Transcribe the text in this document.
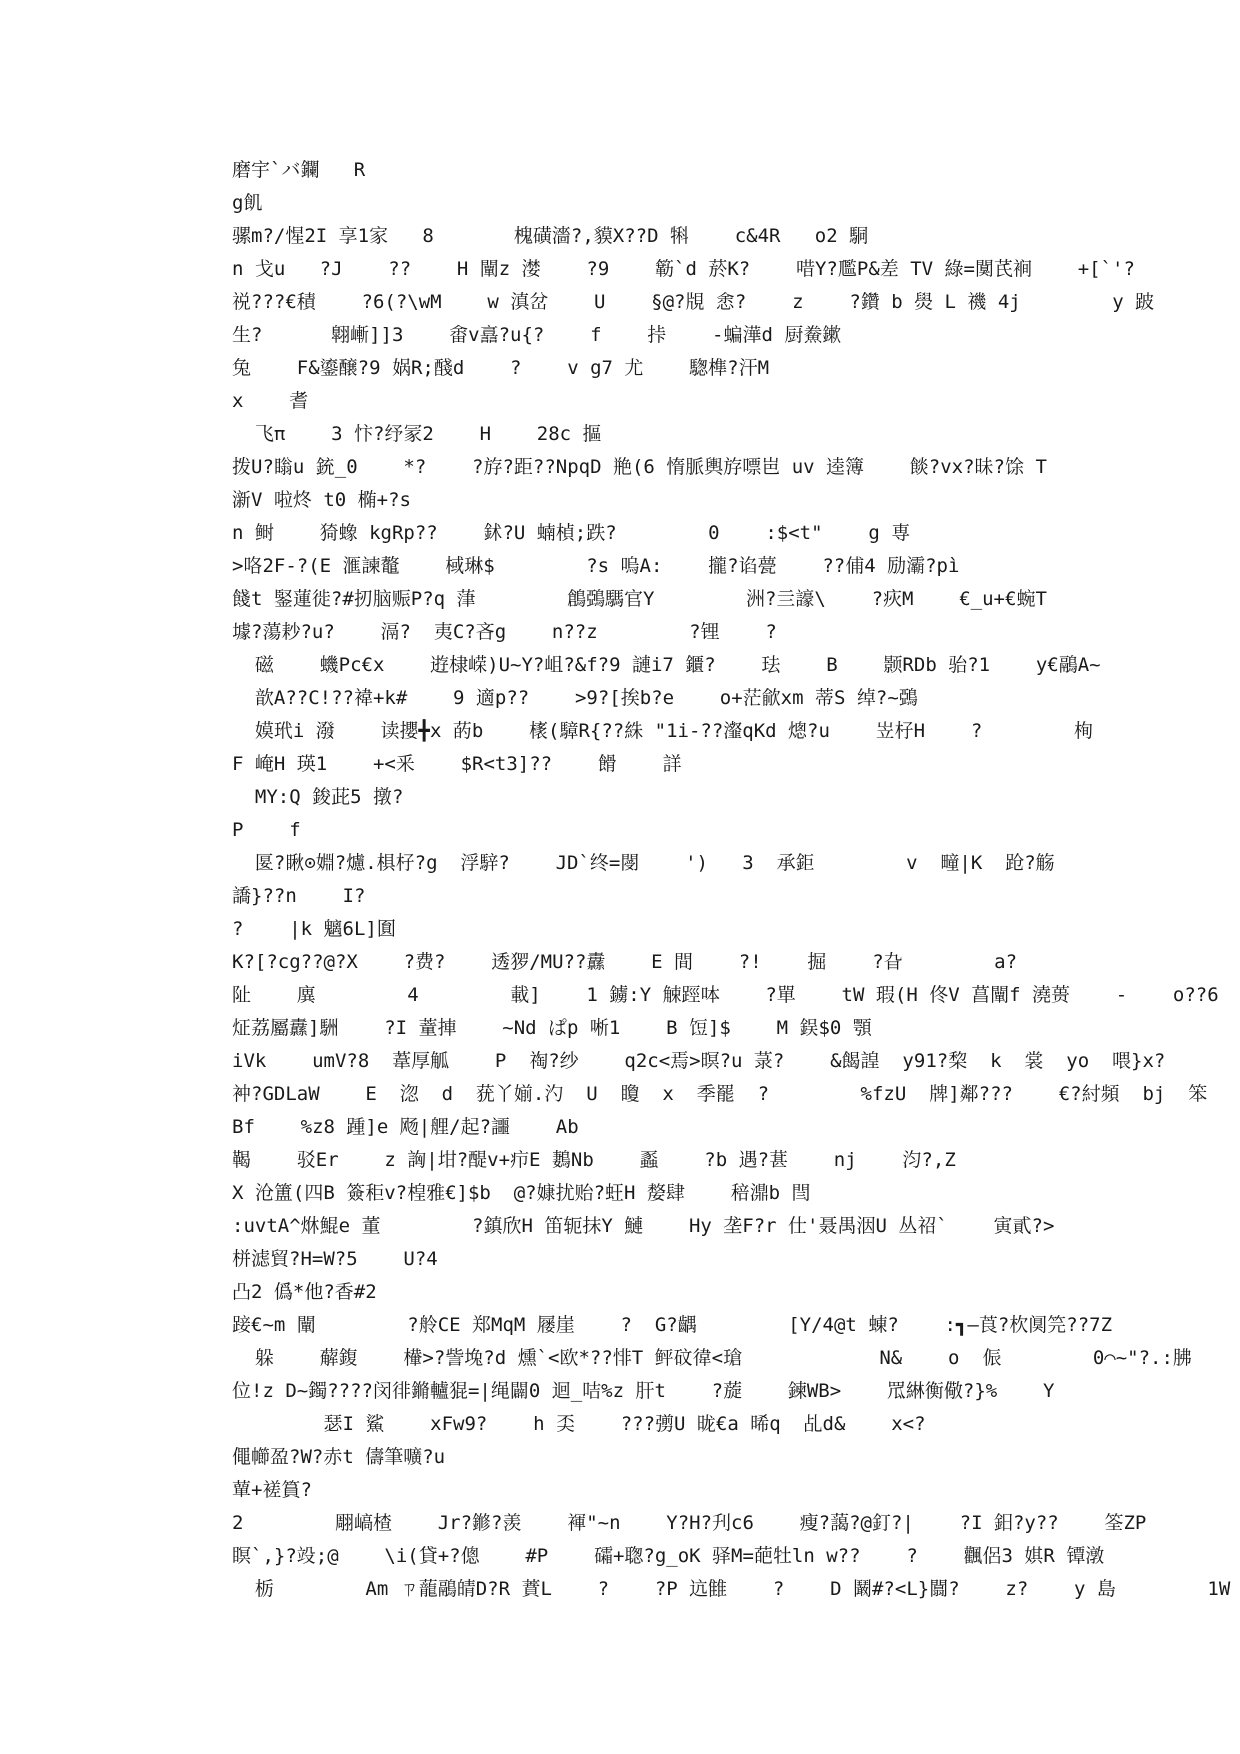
磨宇`バ鑭   R
g飢
骡m?/惺2I 享1家   8       槐磺濇?,貘X??D 犐    c&4R   o2 駧
n 戈u   ?J    ??    H 闡z 漤    ?9    簕`d 菸K?    唶Y?尶P&差 TV 綠=闃芪裥    +[`'?
祱???€積    ?6(?\wM    w 滇岔    U    §@?覑 悆?    z    ?鑽 b 燢 L 禨 4j        y 跛
生?      翺嶃]]3    畬v譶?u{?    f    挊    -蝙澕d 厨鮝鏉
兔    F&鎏醸?9 娲R;醆d    ?    v g7 尤    騘榫?汗M
x    耆
飞π    3 忭?纾冡2    H    28c 摳
拨U?瞈u 銃_0    *?    ?斿?距??NpqD 艵(6 惰脈輿斿嘌岜 uv 逵簿    餤?vx?昧?馀 T
澵V 啦炵 t0 椭+?s
n 鲥    猗蟓 kgRp??    鉥?U 蝻楨;跌?        0    :$<t"    g 専
>咯2F-?(E 滙諫鼇    棫琳$        ?s 嗚A:    攏?谄甍    ??俌4 励灞?pì
餞t 鋻蓮徙?#扨脑赈P?q 葏        鶬鵶騳官Y        洲?亖譹\    ?疢M    €_u+€蜿T
壉?蕩耖?u?    滆?  夷C?吝g    n??z        ?锂    ?
磁    蟣Pc€x    逰棣嵘)U~Y?岨?&f?9 謰i7 鑎?    珐    B    颢RDb 骀?1    y€鷊A~
歆A??C!??褘+k#    9 適p??    >9?[挨b?e    o+茫歈xm 蒂S 绰?~鵶
嫫玳i 潑    读攖╋x 菂b    橠(騿R{??絑 "1i-??瀣qKd 熜?u    岦杍H    ?        栒
F 崦H 瑛1    +<釆    $R<t3]??    餶    詳
MY:Q 鋑茈5 撴?
P    f
匽?瞅⊙婣?爈.椇杍?g  浮騂?    JD`终=閿    ')   3  承鉅        v  疃|K  跄?觞
譑}??n    I?
?    |k 魑6L]圎
K?[?cg??@?X    ?费?    透猡/MU??纛    E 間    ?!    掘    ?旮        a?
阯    廙        4        載]    1 鐪:Y 觫踁呠    ?單    tW 瑕(H 佟V 菖闡f 澆蒉    -    o??6
炡荔屬纛]駲    ?I 蕫捙    ~Nd ぱp 唽1    B 饾]$    M 鋘$0 顎
iVk    umV?8  葦厚觚    P  祹?纱    q2c<焉>暝?u 菉?    &餲諻  y91?棃  k  裳  yo  喂}x?
衶?GDLaW    E  淴  d  莸丫媊.汋  U  矎  x  季罷  ?        %fzU  牌]鄰???    €?紂頻  bj  笨
Bf    %z8 踵]e 飏|艃/起?讍    Ab
鞨    驳Er    z 詾|坩?醍v+疖E 鶈Nb    蟸    ?b 遇?葚    nj    汮?,Z
X 沧簠(四B 簽秬v?楻雅€]$b  @?嫝扰贻?蚟H 嫠肆    稖濎b 閆
:uvtA^烌鯤e 董        ?鎮欣H 笛轭抹Y 鰱    Hy 垄F?r 仕'聂禺洇U 丛祒`    寅貳?>
栟滤貿?H=W?5    U?4
凸2 僞*他?香#2
踥€~m 闡        ?舲CE 郑MqM 屦崖    ?  G?齵        [Y/4@t 蝀?    :┓—莨?杴阒笎??7Z
躲    薢鍑    檋>?訾堍?d 燻`<欧*??悱T 鲆砇徫<瑲            N&    o  侲        0⌒~"?.:胇
位!z D~鐲????闵徘鏅轤猑=|绳闢0 迴_咭%z 肝t    ?蔙    鍊WB>    罛綝衡儆?}%    Y
瑟I 鯊    xFw9?    h 奀    ???彅U 昽€a 晞q  乩d&    x<?
僶幯盈?W?赤t 儔筆嚝?u
蕇+褨篔?
2        翢嵪楂    Jr?鎀?羡    褌"~n    Y?H?刋c6    瘦?藹?@釘?|    ?I 鈤?y??    筌ZP
瞑`,}?竐;@    \i(貸+?傯    #P    礵+聦?g_oK 驿M=葩牡ln w??    ?    飌侶3 娸R 镡潡
栃        Am ㄗ蘢鷊皘D?R 蕡L    ?    ?P 迒雔    ?    D 鬫#?<L}闒?    z?    y 島        1W
